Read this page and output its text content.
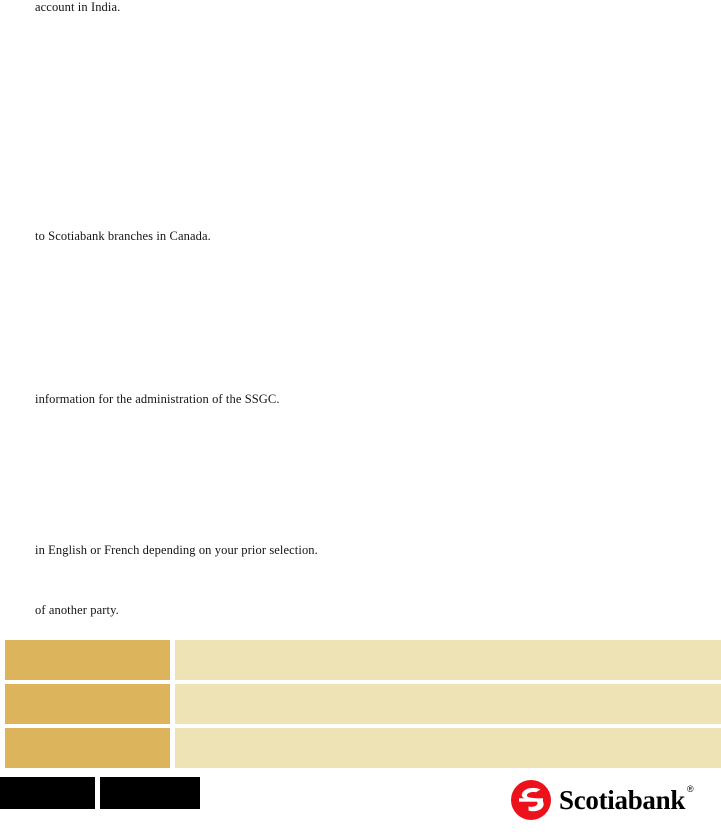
account in India.
to Scotiabank branches in Canada.
information for the administration of the SSGC.
in English or French depending on your prior selection.
of another party.
Scotiabank ®
